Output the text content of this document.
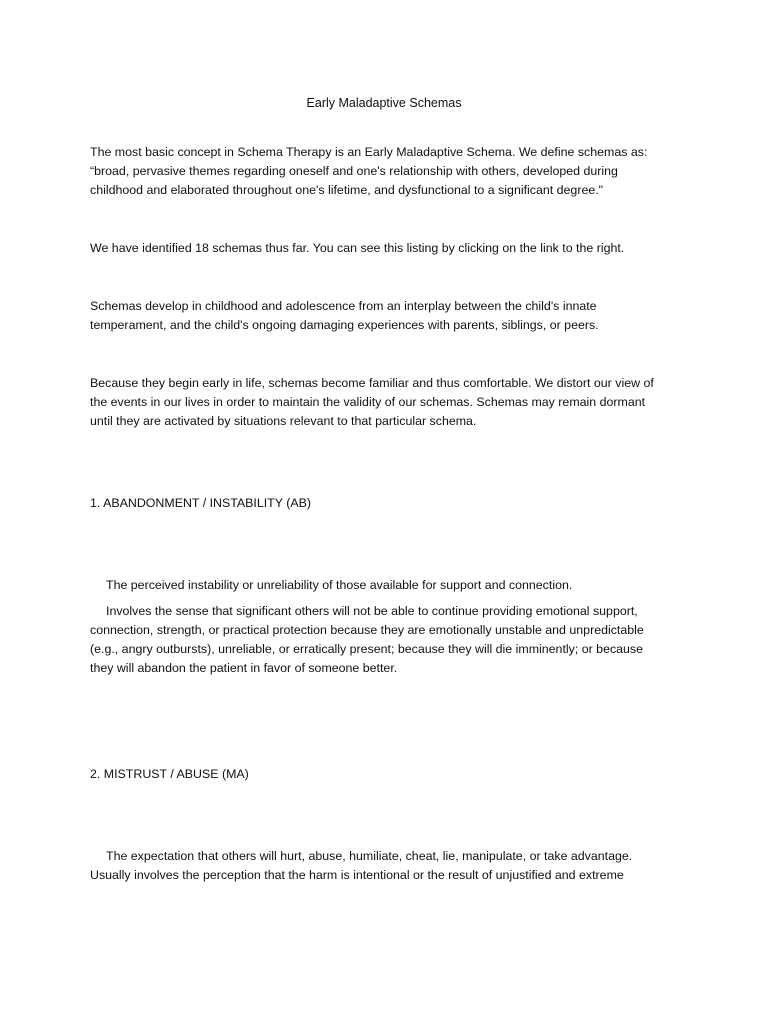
Early Maladaptive Schemas

The most basic concept in Schema Therapy is an Early Maladaptive Schema. We define schemas as:

“broad, pervasive themes regarding oneself and one's relationship with others, developed during

childhood and elaborated throughout one's lifetime, and dysfunctional to a significant degree."

We have identified 18 schemas thus far. You can see this listing by clicking on the link to the right.

Schemas develop in childhood and adolescence from an interplay between the child's innate

temperament, and the child's ongoing damaging experiences with parents, siblings, or peers.

Because they begin early in life, schemas become familiar and thus comfortable. We distort our view of

the events in our lives in order to maintain the validity of our schemas. Schemas may remain dormant

until they are activated by situations relevant to that particular schema.

1. ABANDONMENT / INSTABILITY (AB)

The perceived instability or unreliability of those available for support and connection.

Involves the sense that significant others will not be able to continue providing emotional support,

connection, strength, or practical protection because they are emotionally unstable and unpredictable

(e.g., angry outbursts), unreliable, or erratically present; because they will die imminently; or because

they will abandon the patient in favor of someone better.

2. MISTRUST / ABUSE (MA)

The expectation that others will hurt, abuse, humiliate, cheat, lie, manipulate, or take advantage.

Usually involves the perception that the harm is intentional or the result of unjustified and extreme
